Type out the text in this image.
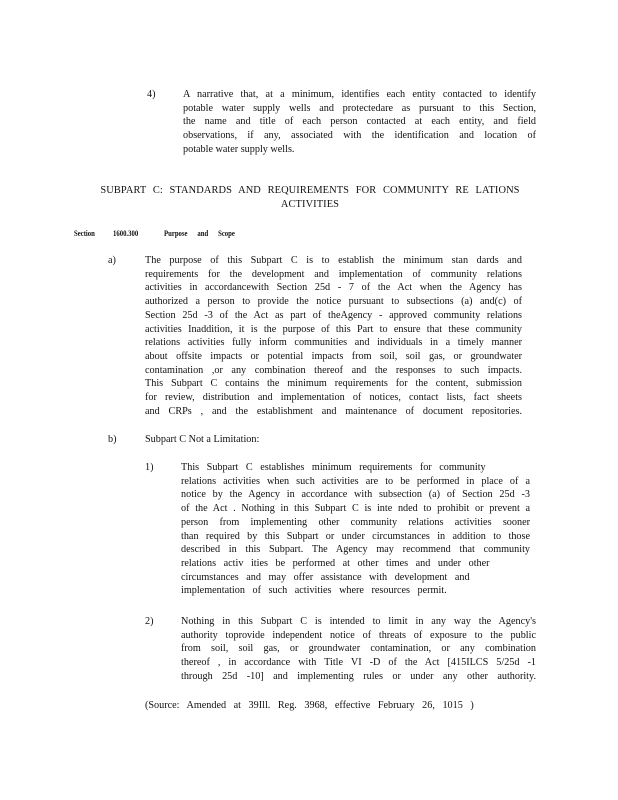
4)	A narrative that, at a minimum, identifies each entity contacted to identify
potable water supply wells and protectedare as pursuant to this Section,
the name and title of each person contacted at each entity, and field
observations, if any, associated with the identification and location of
potable water supply wells.
SUBPART C: STANDARDS AND REQUIREMENTS FOR COMMUNITY RE LATIONS
ACTIVITIES
Section 1600.300	Purpose and Scope
a)	The purpose of this Subpart C is to establish the minimum stan dards and
requirements for the development and implementation of community relations
activities in accordancewith Section 25d - 7 of the Act when the Agency has
authorized a person to provide the notice pursuant to subsections (a) and(c) of
Section 25d -3 of the Act as part of theAgency - approved community relations
activities Inaddition, it is the purpose of this Part to ensure that these community
relations activities fully inform communities and individuals in a timely manner
about offsite impacts or potential impacts from soil, soil gas, or groundwater
contamination ,or any combination thereof and the responses to such impacts.
This Subpart C contains the minimum requirements for the content, submission
for review, distribution and implementation of notices, contact lists, fact sheets
and CRPs , and the establishment and maintenance of document repositories.
b)	Subpart C Not a Limitation:
1)	This Subpart C establishes minimum requirements for community
relations activities when such activities are to be performed in place of a
notice by the Agency in accordance with subsection (a) of Section 25d -3
of the Act . Nothing in this Subpart C is inte nded to prohibit or prevent a
person from implementing other community relations activities sooner
than required by this Subpart or under circumstances in addition to those
described in this Subpart. The Agency may recommend that community
relations activ ities be performed at other times and under other
circumstances and may offer assistance with development and
implementation of such activities where resources permit.
2)	Nothing in this Subpart C is intended to limit in any way the Agency's
authority toprovide independent notice of threats of exposure to the public
from soil, soil gas, or groundwater contamination, or any combination
thereof , in accordance with Title VI -D of the Act [415ILCS 5/25d -1
through 25d -10] and implementing rules or under any other authority.
(Source: Amended at 39Ill. Reg. 3968, effective February 26, 1015 )
